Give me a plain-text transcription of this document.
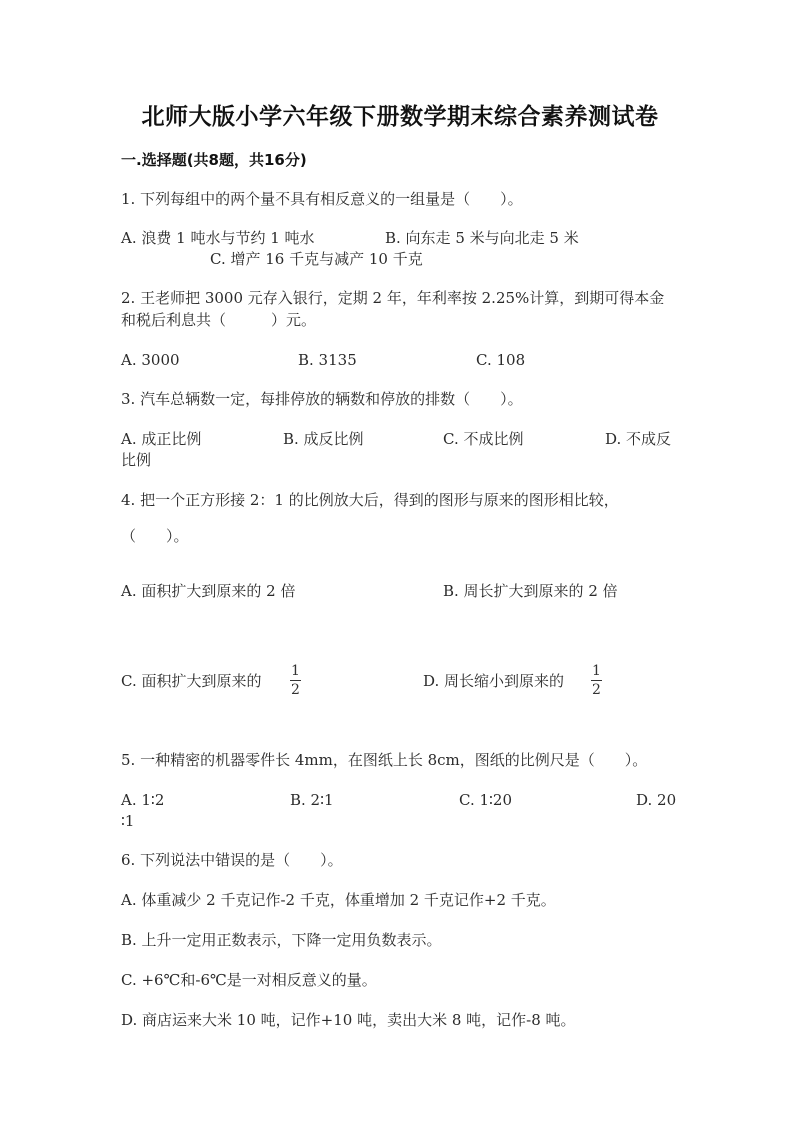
北师大版小学六年级下册数学期末综合素养测试卷
一.选择题(共8题，共16分)
1. 下列每组中的两个量不具有相反意义的一组量是（　　）。
A. 浪费 1 吨水与节约 1 吨水	B. 向东走 5 米与向北走 5 米
C. 增产 16 千克与减产 10 千克
2. 王老师把 3000 元存入银行，定期 2 年，年利率按 2.25%计算，到期可得本金
和税后利息共（　　　）元。
A. 3000	B. 3135	C. 108
3. 汽车总辆数一定，每排停放的辆数和停放的排数（　　）。
A. 成正比例	B. 成反比例	C. 不成比例	D. 不成反
比例
4. 把一个正方形接 2：1 的比例放大后，得到的图形与原来的图形相比较，
（　　）。
A. 面积扩大到原来的 2 倍	B. 周长扩大到原来的 2 倍
C. 面积扩大到原来的
1
2	D. 周长缩小到原来的
1
2
5. 一种精密的机器零件长 4mm，在图纸上长 8cm，图纸的比例尺是（　　）。
A. 1∶2	B. 2∶1	C. 1∶20	D. 20
∶1
6. 下列说法中错误的是（　　）。
A. 体重减少 2 千克记作-2 千克，体重增加 2 千克记作+2 千克。
B. 上升一定用正数表示，下降一定用负数表示。
C. +6℃和-6℃是一对相反意义的量。
D. 商店运来大米 10 吨，记作+10 吨，卖出大米 8 吨，记作-8 吨。
